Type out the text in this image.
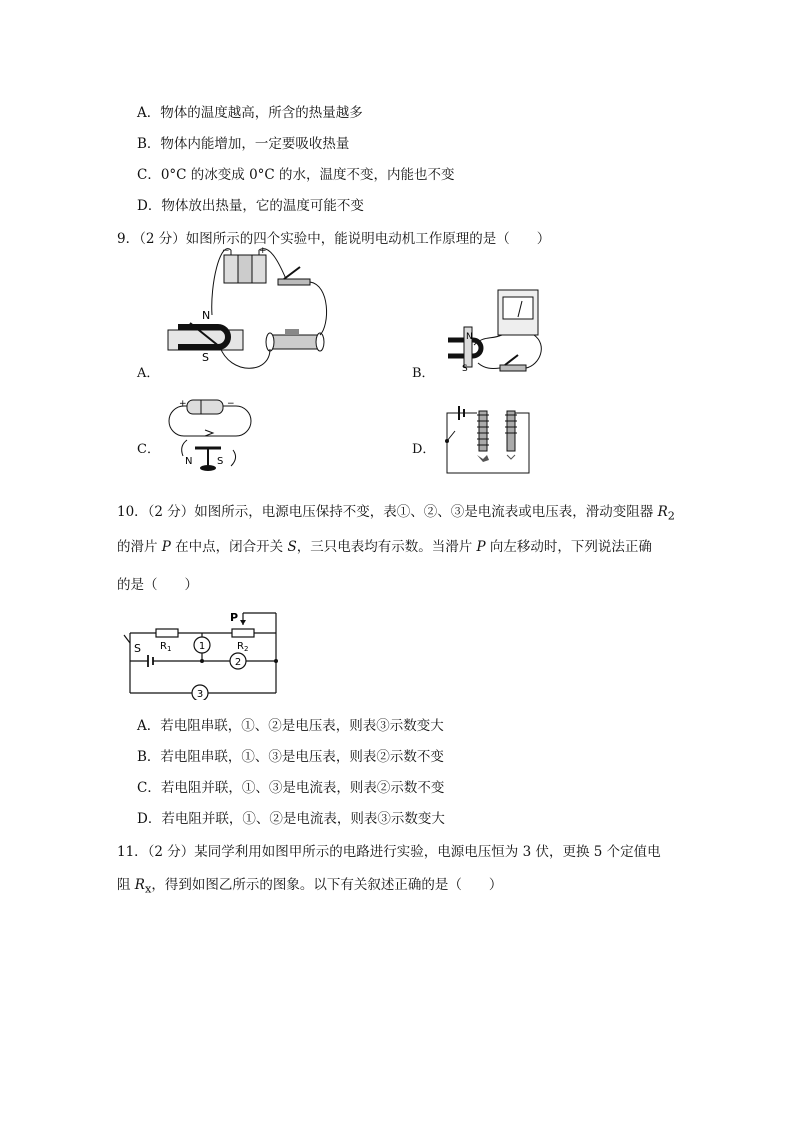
A．物体的温度越高，所含的热量越多
B．物体内能增加，一定要吸收热量
C．0°C 的冰变成 0°C 的水，温度不变，内能也不变
D．物体放出热量，它的温度可能不变
9．（2 分）如图所示的四个实验中，能说明电动机工作原理的是（　　）
−	+
N
S
A．
N
S
B．
+	−
N S
C．	D．
10．（2 分）如图所示，电源电压保持不变，表①、②、③是电流表或电压表，滑动变阻器 $R_2$
的滑片 P 在中点，闭合开关 S，三只电表均有示数。当滑片 P 向左移动时，下列说法正确
的是（　　）
P
S $R_1$	$R_2$
1
2
3
A．若电阻串联，①、②是电压表，则表③示数变大
B．若电阻串联，①、③是电压表，则表②示数不变
C．若电阻并联，①、③是电流表，则表②示数不变
D．若电阻并联，①、②是电流表，则表③示数变大
11．（2 分）某同学利用如图甲所示的电路进行实验，电源电压恒为 3 伏，更换 5 个定值电
阻 $R_x$，得到如图乙所示的图象。以下有关叙述正确的是（　　）
